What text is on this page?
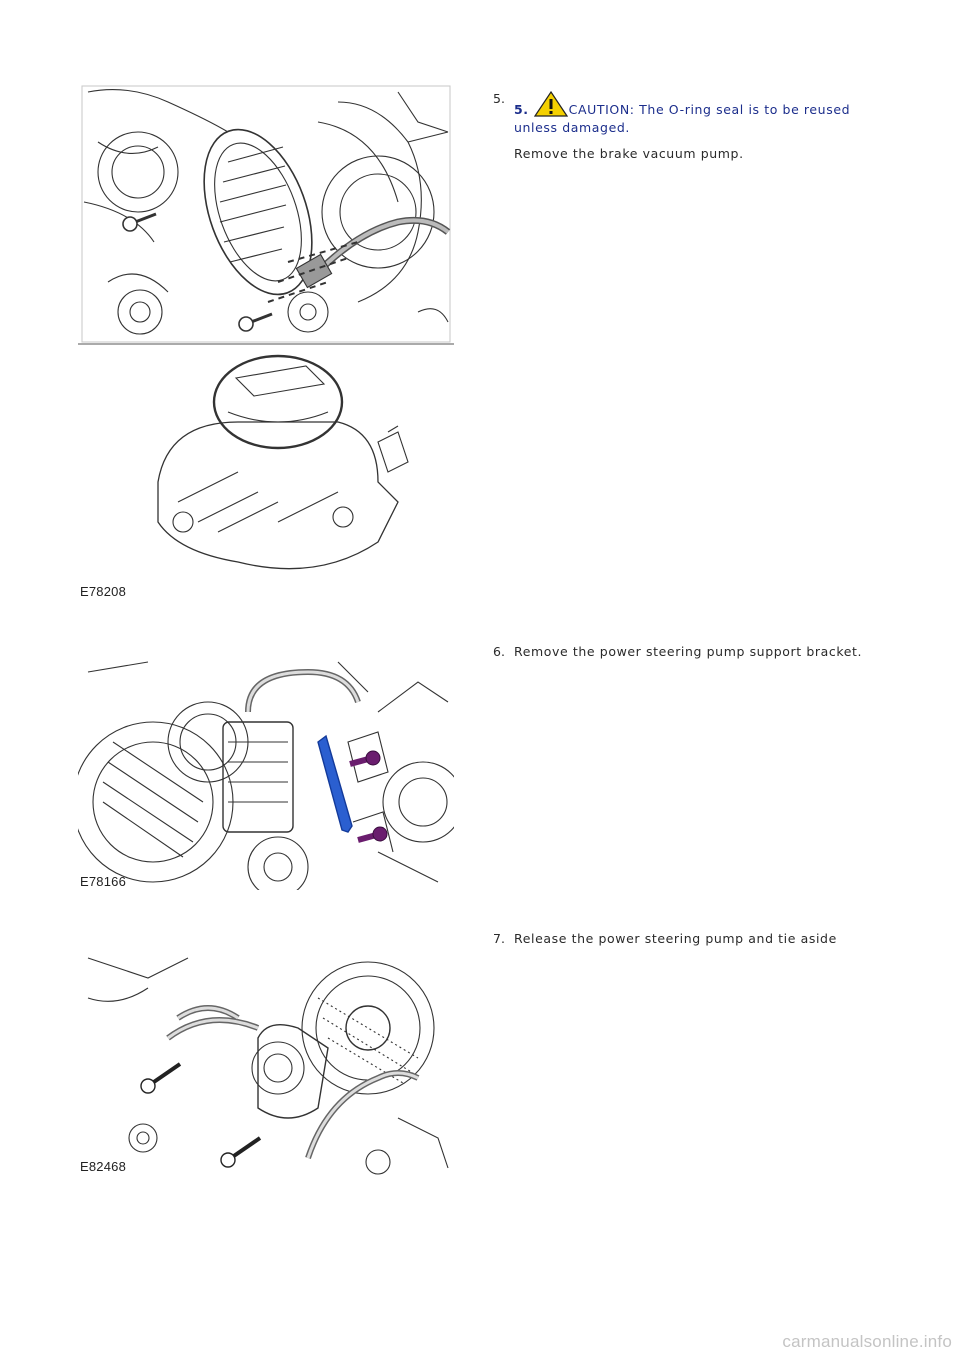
E78208
5.
5.	CAUTION: The O-ring seal is to be reused unless damaged.
Remove the brake vacuum pump.
E78166
6. Remove the power steering pump support bracket.
E82468
7. Release the power steering pump and tie aside
carmanualsonline.info
